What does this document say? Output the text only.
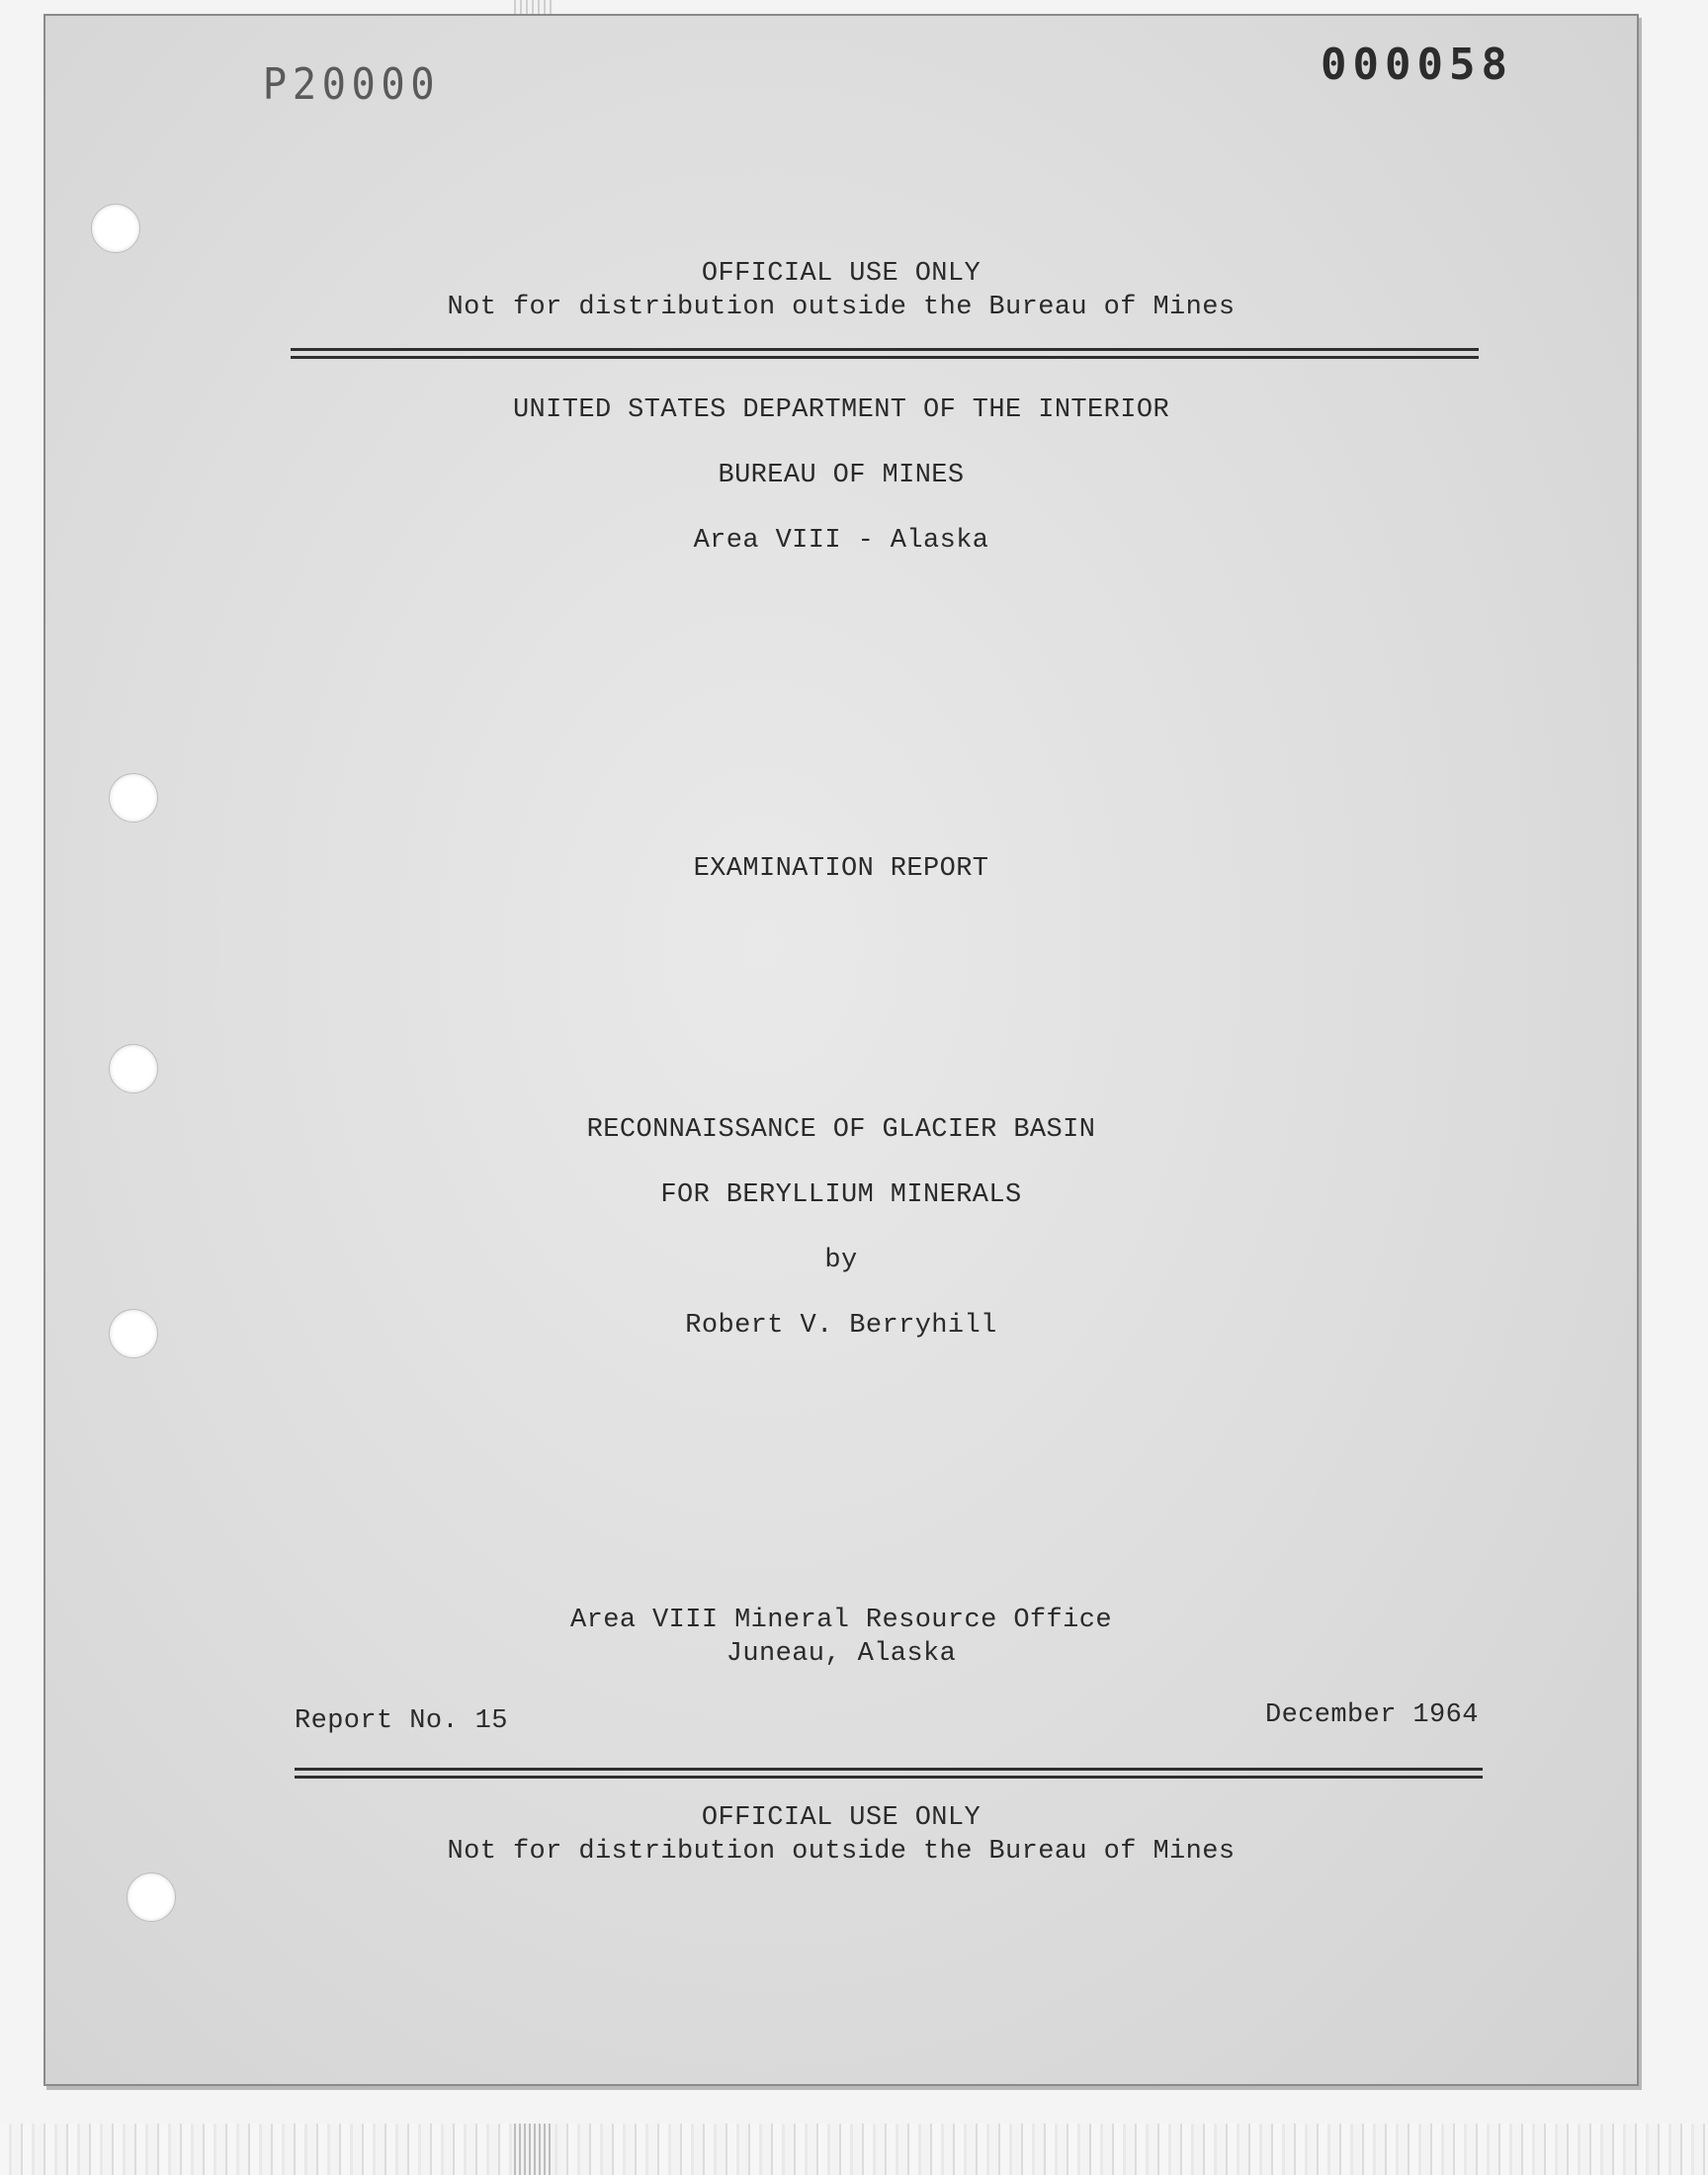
P20000	000058
OFFICIAL USE ONLY
Not for distribution outside the Bureau of Mines
UNITED STATES DEPARTMENT OF THE INTERIOR
BUREAU OF MINES
Area VIII - Alaska
EXAMINATION REPORT
RECONNAISSANCE OF GLACIER BASIN
FOR BERYLLIUM MINERALS
by
Robert V. Berryhill
Area VIII Mineral Resource Office
Juneau, Alaska
Report No. 15	December 1964
OFFICIAL USE ONLY
Not for distribution outside the Bureau of Mines
